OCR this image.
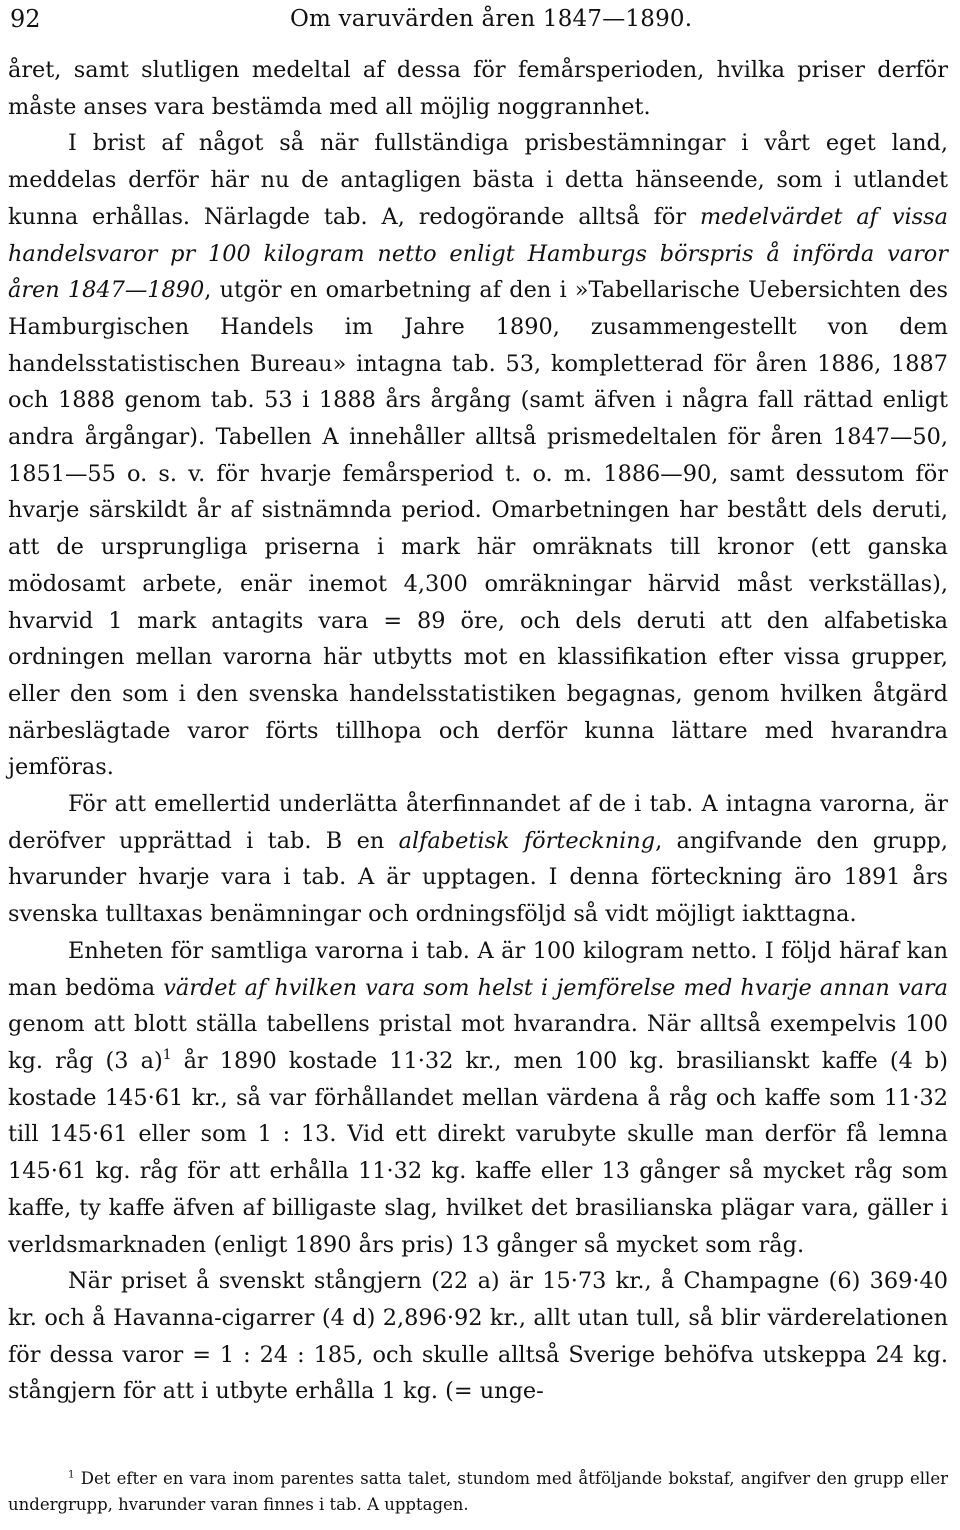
92	Om varuvärden åren 1847—1890.

året, samt slutligen medeltal af dessa för femårsperioden, hvilka priser derför måste anses vara bestämda med all möjlig noggrannhet.

I brist af något så när fullständiga prisbestämningar i vårt eget land, meddelas derför här nu de antagligen bästa i detta hänseende, som i utlandet kunna erhållas. Närlagde tab. A, redogörande alltså för medelvärdet af vissa handelsvaror pr 100 kilogram netto enligt Hamburgs börspris å införda varor åren 1847—1890, utgör en omarbetning af den i »Tabellarische Uebersichten des Hamburgischen Handels im Jahre 1890, zusammengestellt von dem handelsstatistischen Bureau» intagna tab. 53, kompletterad för åren 1886, 1887 och 1888 genom tab. 53 i 1888 års årgång (samt äfven i några fall rättad enligt andra årgångar). Tabellen A innehåller alltså prismedeltalen för åren 1847—50, 1851—55 o. s. v. för hvarje femårsperiod t. o. m. 1886—90, samt dessutom för hvarje särskildt år af sistnämnda period. Omarbetningen har bestått dels deruti, att de ursprungliga priserna i mark här omräknats till kronor (ett ganska mödosamt arbete, enär inemot 4,300 omräkningar härvid måst verkställas), hvarvid 1 mark antagits vara = 89 öre, och dels deruti att den alfabetiska ordningen mellan varorna här utbytts mot en klassifikation efter vissa grupper, eller den som i den svenska handelsstatistiken begagnas, genom hvilken åtgärd närbeslägtade varor förts tillhopa och derför kunna lättare med hvarandra jemföras.

För att emellertid underlätta återfinnandet af de i tab. A intagna varorna, är deröfver upprättad i tab. B en alfabetisk förteckning, angifvande den grupp, hvarunder hvarje vara i tab. A är upptagen. I denna förteckning äro 1891 års svenska tulltaxas benämningar och ordningsföljd så vidt möjligt iakttagna.

Enheten för samtliga varorna i tab. A är 100 kilogram netto. I följd häraf kan man bedöma värdet af hvilken vara som helst i jemförelse med hvarje annan vara genom att blott ställa tabellens pristal mot hvarandra. När alltså exempelvis 100 kg. råg (3 a)$^1$ år 1890 kostade 11·32 kr., men 100 kg. brasilianskt kaffe (4 b) kostade 145·61 kr., så var förhållandet mellan värdena å råg och kaffe som 11·32 till 145·61 eller som 1 : 13. Vid ett direkt varubyte skulle man derför få lemna 145·61 kg. råg för att erhålla 11·32 kg. kaffe eller 13 gånger så mycket råg som kaffe, ty kaffe äfven af billigaste slag, hvilket det brasilianska plägar vara, gäller i verldsmarknaden (enligt 1890 års pris) 13 gånger så mycket som råg.

När priset å svenskt stångjern (22 a) är 15·73 kr., å Champagne (6) 369·40 kr. och å Havanna-cigarrer (4 d) 2,896·92 kr., allt utan tull, så blir värderelationen för dessa varor = 1 : 24 : 185, och skulle alltså Sverige behöfva utskeppa 24 kg. stångjern för att i utbyte erhålla 1 kg. (= unge-

$^1$ Det efter en vara inom parentes satta talet, stundom med åtföljande bokstaf, angifver den grupp eller undergrupp, hvarunder varan finnes i tab. A upptagen.
